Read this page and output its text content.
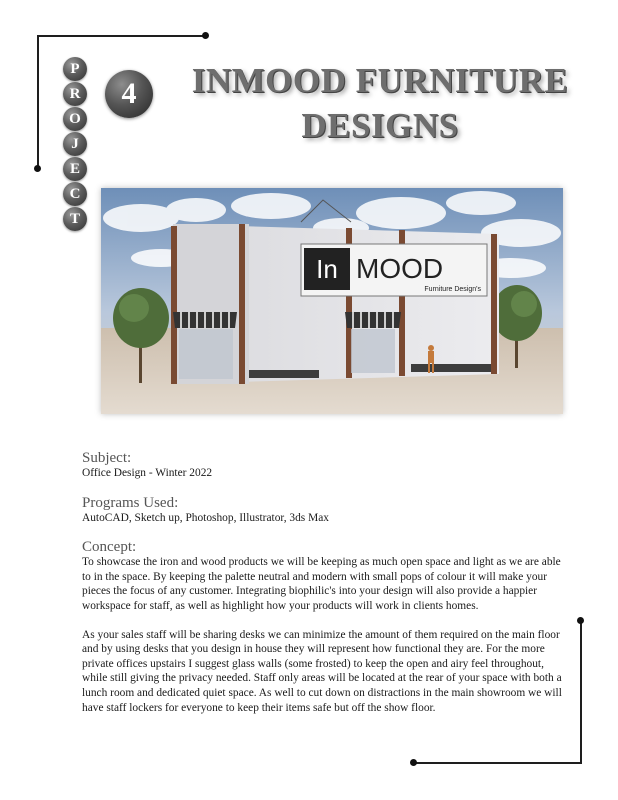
P
R
O
J
E
C
T
4	INMOOD FURNITURE
DESIGNS
In MOOD
Furniture Design's

Subject:

Office Design - Winter 2022

Programs Used:

AutoCAD, Sketch up, Photoshop, Illustrator, 3ds Max

Concept:

To showcase the iron and wood products we will be keeping as much open space and light as we are able to in the space. By keeping the palette neutral and modern with small pops of colour it will make your pieces the focus of any customer. Integrating biophilic's into your design will also provide a happier workspace for staff, as well as highlight how your products will work in clients homes.

As your sales staff will be sharing desks we can minimize the amount of them required on the main floor and by using desks that you design in house they will represent how functional they are. For the more private offices upstairs I suggest glass walls (some frosted) to keep the open and airy feel throughout, while still giving the privacy needed. Staff only areas will be located at the rear of your space with both a lunch room and dedicated quiet space. As well to cut down on distractions in the main showroom we will have staff lockers for everyone to keep their items safe but off the show floor.
